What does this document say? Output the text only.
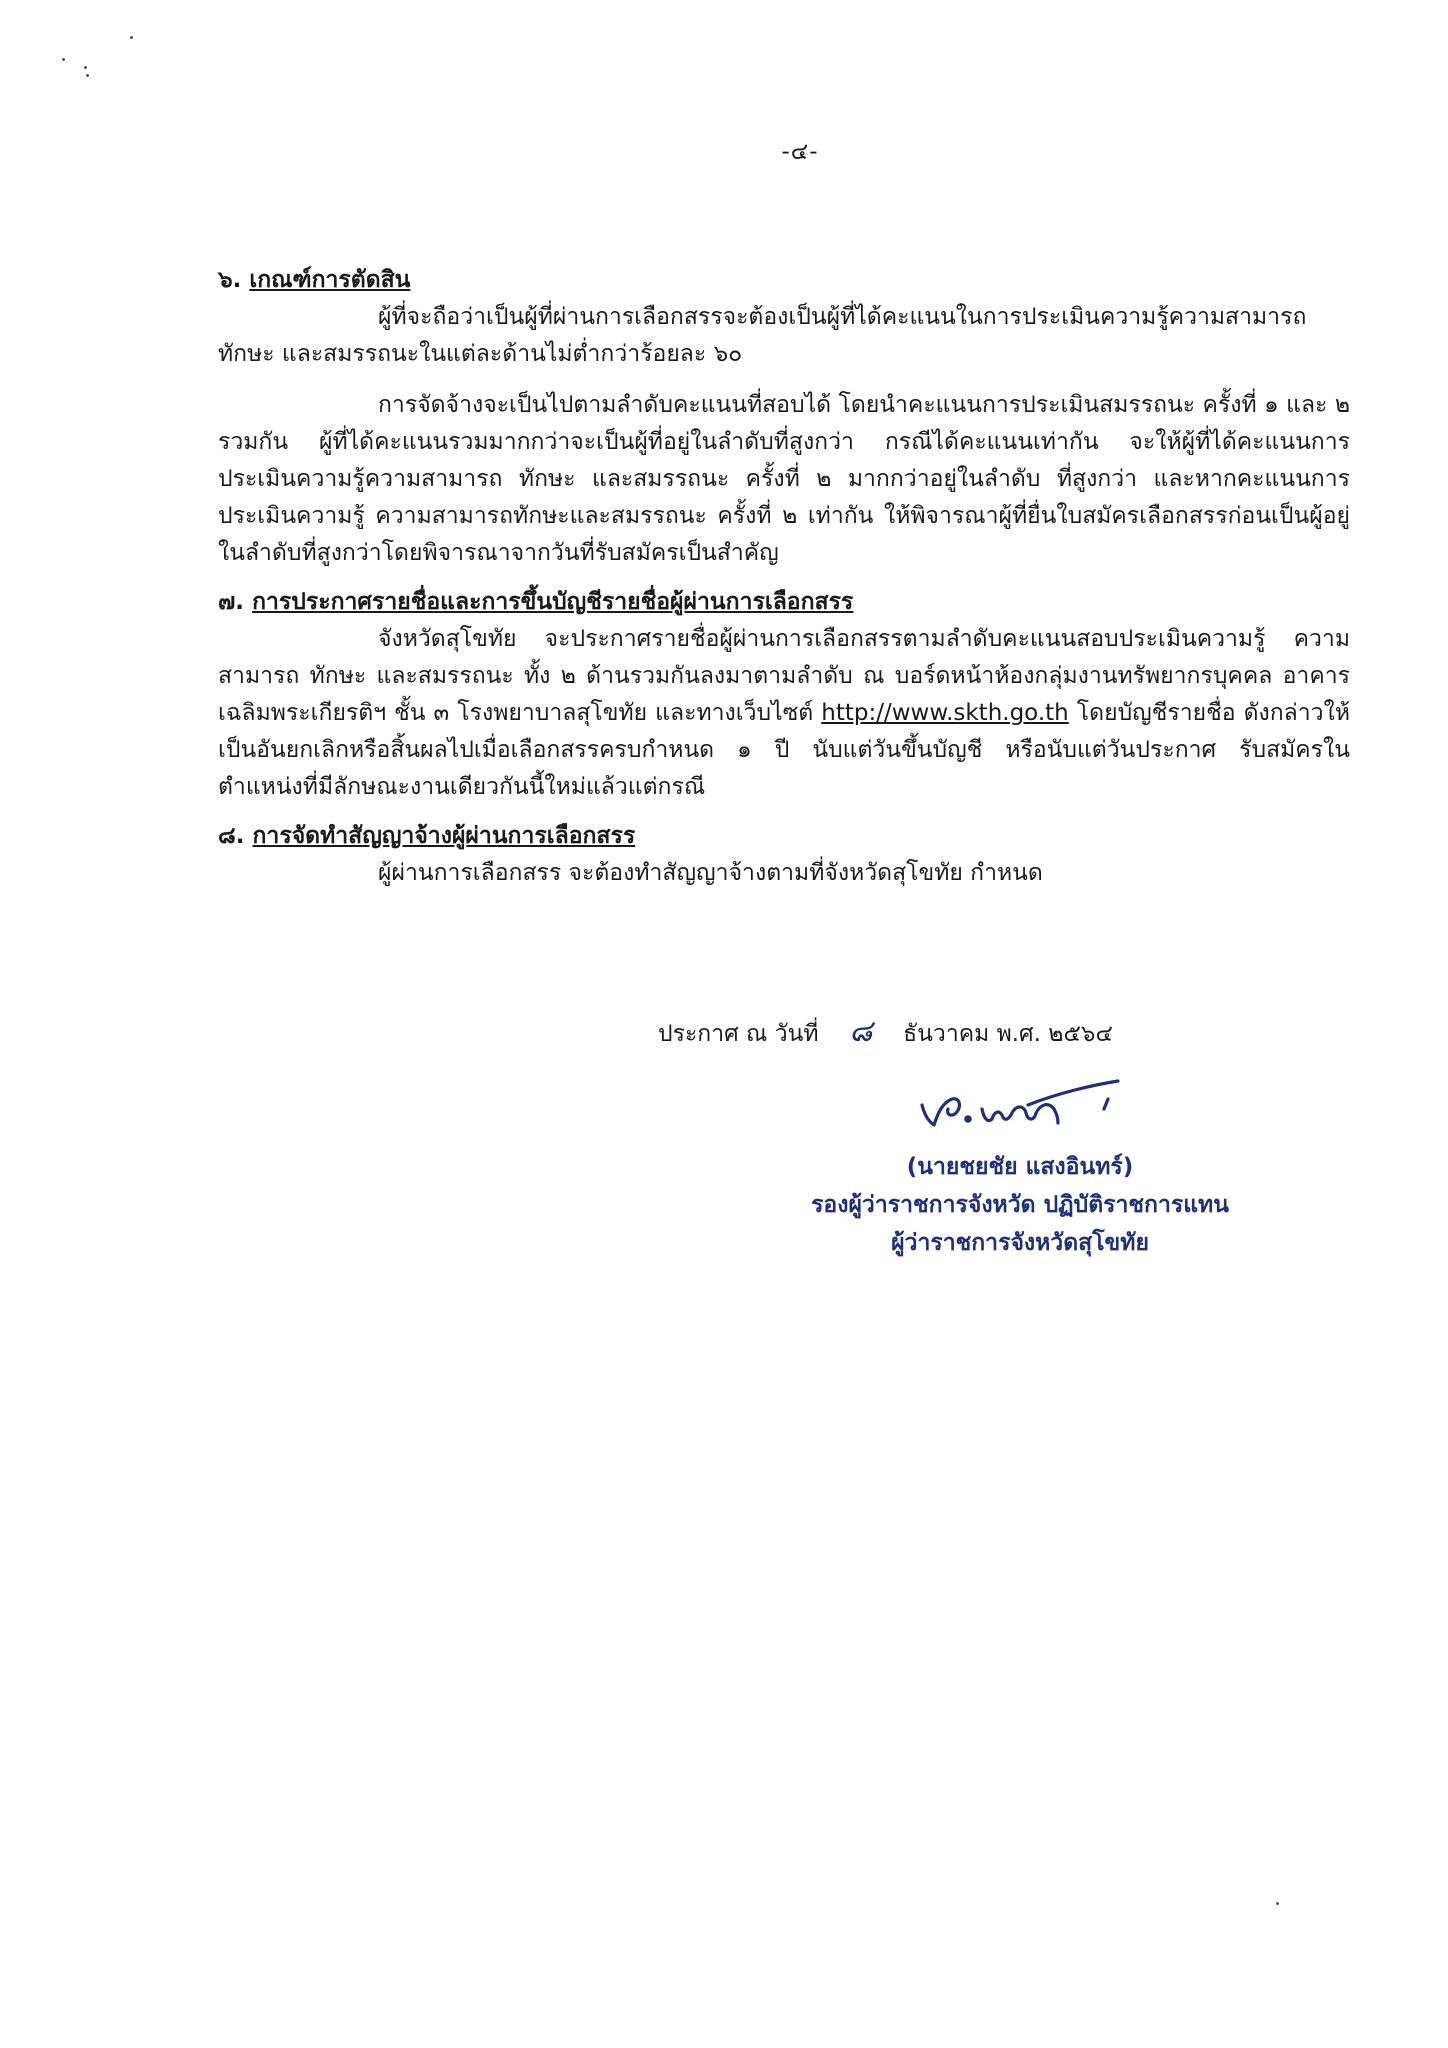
-๔-
๖. เกณฑ์การตัดสิน

ผู้ที่จะถือว่าเป็นผู้ที่ผ่านการเลือกสรรจะต้องเป็นผู้ที่ได้คะแนนในการประเมินความรู้ความสามารถ ทักษะ และสมรรถนะในแต่ละด้านไม่ต่ำกว่าร้อยละ ๖๐

การจัดจ้างจะเป็นไปตามลำดับคะแนนที่สอบได้ โดยนำคะแนนการประเมินสมรรถนะ ครั้งที่ ๑ และ ๒ รวมกัน ผู้ที่ได้คะแนนรวมมากกว่าจะเป็นผู้ที่อยู่ในลำดับที่สูงกว่า กรณีได้คะแนนเท่ากัน จะให้ผู้ที่ได้คะแนนการประเมินความรู้ความสามารถ ทักษะ และสมรรถนะ ครั้งที่ ๒ มากกว่าอยู่ในลำดับ ที่สูงกว่า และหากคะแนนการประเมินความรู้ ความสามารถทักษะและสมรรถนะ ครั้งที่ ๒ เท่ากัน ให้พิจารณาผู้ที่ยื่นใบสมัครเลือกสรรก่อนเป็นผู้อยู่ในลำดับที่สูงกว่าโดยพิจารณาจากวันที่รับสมัครเป็นสำคัญ

๗. การประกาศรายชื่อและการขึ้นบัญชีรายชื่อผู้ผ่านการเลือกสรร

จังหวัดสุโขทัย จะประกาศรายชื่อผู้ผ่านการเลือกสรรตามลำดับคะแนนสอบประเมินความรู้ ความสามารถ ทักษะ และสมรรถนะ ทั้ง ๒ ด้านรวมกันลงมาตามลำดับ ณ บอร์ดหน้าห้องกลุ่มงานทรัพยากรบุคคล อาคารเฉลิมพระเกียรติฯ ชั้น ๓ โรงพยาบาลสุโขทัย และทางเว็บไซต์ http://www.skth.go.th โดยบัญชีรายชื่อ ดังกล่าวให้เป็นอันยกเลิกหรือสิ้นผลไปเมื่อเลือกสรรครบกำหนด ๑ ปี นับแต่วันขึ้นบัญชี หรือนับแต่วันประกาศ รับสมัครในตำแหน่งที่มีลักษณะงานเดียวกันนี้ใหม่แล้วแต่กรณี

๘. การจัดทำสัญญาจ้างผู้ผ่านการเลือกสรร

ผู้ผ่านการเลือกสรร จะต้องทำสัญญาจ้างตามที่จังหวัดสุโขทัย กำหนด

ประกาศ ณ วันที่ ๘ ธันวาคม พ.ศ. ๒๕๖๔
(นายชยชัย แสงอินทร์)
รองผู้ว่าราชการจังหวัด ปฏิบัติราชการแทน
ผู้ว่าราชการจังหวัดสุโขทัย
